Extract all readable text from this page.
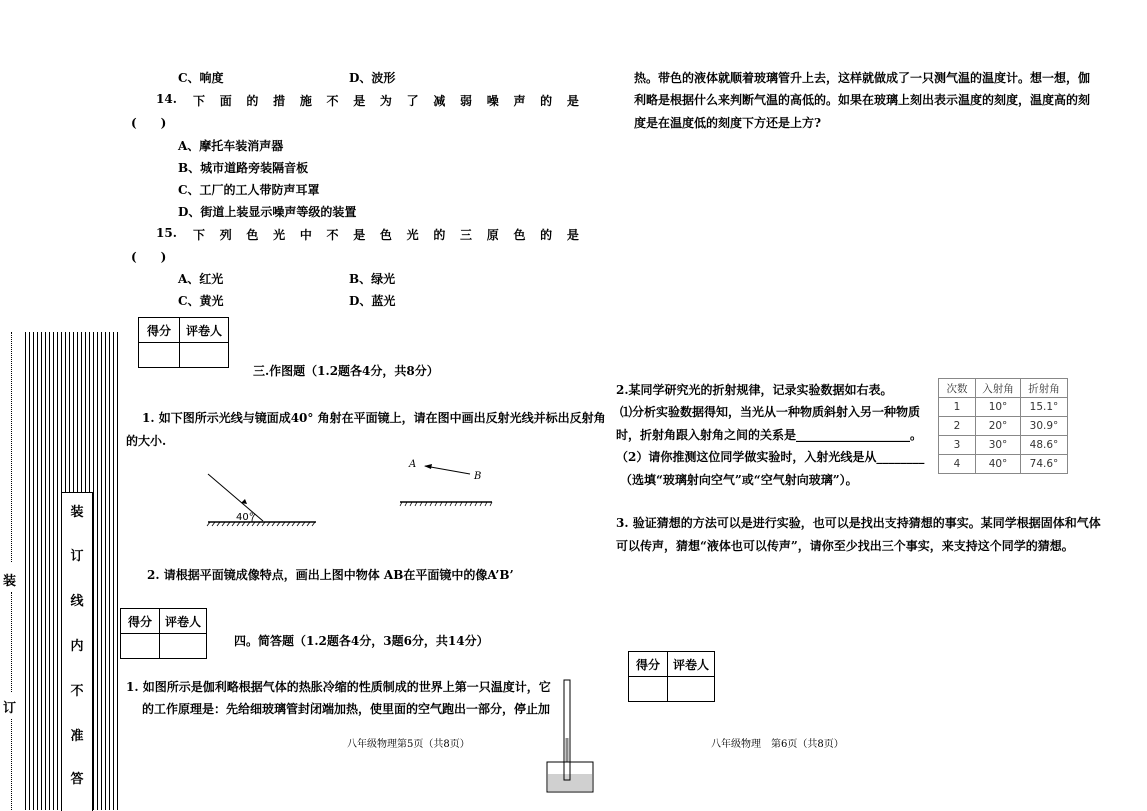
装
订
线
内
不
准
答
装
订
C、响度	D、波形
14. 下 面 的 措 施 不 是 为 了 减 弱 噪 声 的 是
(　　)
A、摩托车装消声器
B、城市道路旁装隔音板
C、工厂的工人带防声耳罩
D、街道上装显示噪声等级的装置
15. 下 列 色 光 中 不 是 色 光 的 三 原 色 的 是
(　　)
A、红光	B、绿光
C、黄光	D、蓝光
得分	评卷人

三.作图题（1.2题各4分，共8分）
1. 如下图所示光线与镜面成40° 角射在平面镜上，请在图中画出反射光线并标出反射角
的大小.
40°
A
B
2. 请根据平面镜成像特点，画出上图中物体 AB在平面镜中的像A’B’
得分	评卷人

四。简答题（1.2题各4分，3题6分，共14分）
1. 如图所示是伽利略根据气体的热胀冷缩的性质制成的世界上第一只温度计，它
的工作原理是：先给细玻璃管封闭端加热，使里面的空气跑出一部分，停止加
八年级物理第5页（共8页）
热。带色的液体就顺着玻璃管升上去，这样就做成了一只测气温的温度计。想一想，伽
利略是根据什么来判断气温的高低的。如果在玻璃上刻出表示温度的刻度，温度高的刻
度是在温度低的刻度下方还是上方?
2.某同学研究光的折射规律，记录实验数据如右表。
⑴分析实验数据得知，当光从一种物质斜射入另一种物质
时，折射角跟入射角之间的关系是___________________。
（2）请你推测这位同学做实验时，入射光线是从________
（选填“玻璃射向空气”或“空气射向玻璃”）。
次数	入射角	折射角
1	10°	15.1°
2	20°	30.9°
3	30°	48.6°
4	40°	74.6°
3. 验证猜想的方法可以是进行实验，也可以是找出支持猜想的事实。某同学根据固体和气体
可以传声，猜想“液体也可以传声”，请你至少找出三个事实，来支持这个同学的猜想。
得分	评卷人

八年级物理　第6页（共8页）
